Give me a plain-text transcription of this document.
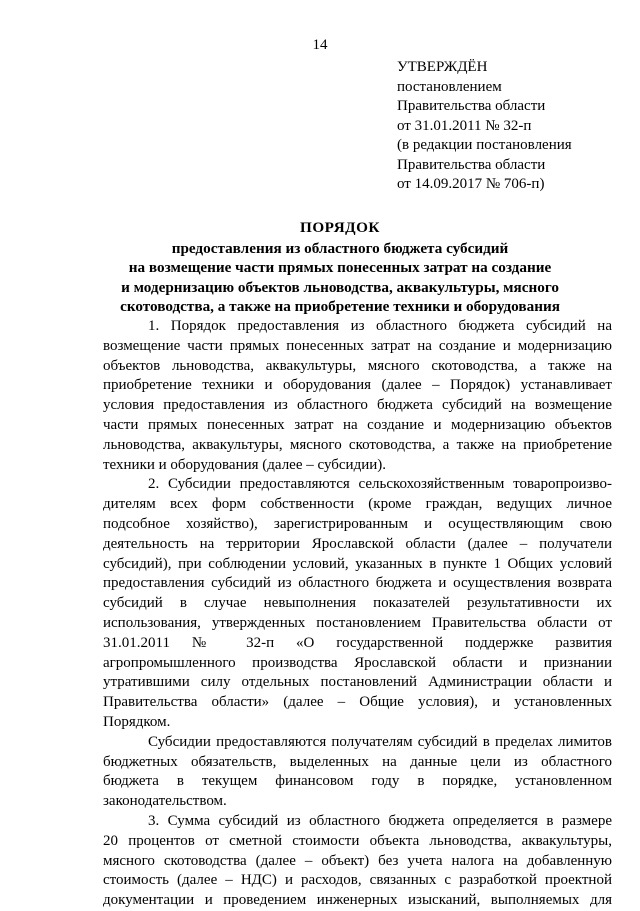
14
УТВЕРЖДЁН
постановлением
Правительства области
от 31.01.2011 № 32-п
(в редакции постановления
Правительства области
от 14.09.2017 № 706-п)
ПОРЯДОК
предоставления из областного бюджета субсидий
на возмещение части прямых понесенных затрат на создание
и модернизацию объектов льноводства, аквакультуры, мясного
скотоводства, а также на приобретение техники и оборудования
1. Порядок предоставления из областного бюджета субсидий на
возмещение части прямых понесенных затрат на создание и модернизацию
объектов льноводства, аквакультуры, мясного скотоводства, а также на
приобретение техники и оборудования (далее – Порядок) устанавливает
условия предоставления из областного бюджета субсидий на возмещение
части прямых понесенных затрат на создание и модернизацию объектов
льноводства, аквакультуры, мясного скотоводства, а также на приобретение
техники и оборудования (далее – субсидии).
2. Субсидии предоставляются сельскохозяйственным товаропроизво-
дителям всех форм собственности (кроме граждан, ведущих личное
подсобное хозяйство), зарегистрированным и осуществляющим свою
деятельность на территории Ярославской области (далее – получатели
субсидий), при соблюдении условий, указанных в пункте 1 Общих условий
предоставления субсидий из областного бюджета и осуществления возврата
субсидий в случае невыполнения показателей результативности их
использования, утвержденных постановлением Правительства области от
31.01.2011 № 32-п «О государственной поддержке развития
агропромышленного производства Ярославской области и признании
утратившими силу отдельных постановлений Администрации области и
Правительства области» (далее – Общие условия), и установленных
Порядком.
Субсидии предоставляются получателям субсидий в пределах лимитов
бюджетных обязательств, выделенных на данные цели из областного
бюджета в текущем финансовом году в порядке, установленном
законодательством.
3. Сумма субсидий из областного бюджета определяется в размере
20 процентов от сметной стоимости объекта льноводства, аквакультуры,
мясного скотоводства (далее – объект) без учета налога на добавленную
стоимость (далее – НДС) и расходов, связанных с разработкой проектной
документации и проведением инженерных изысканий, выполняемых для
